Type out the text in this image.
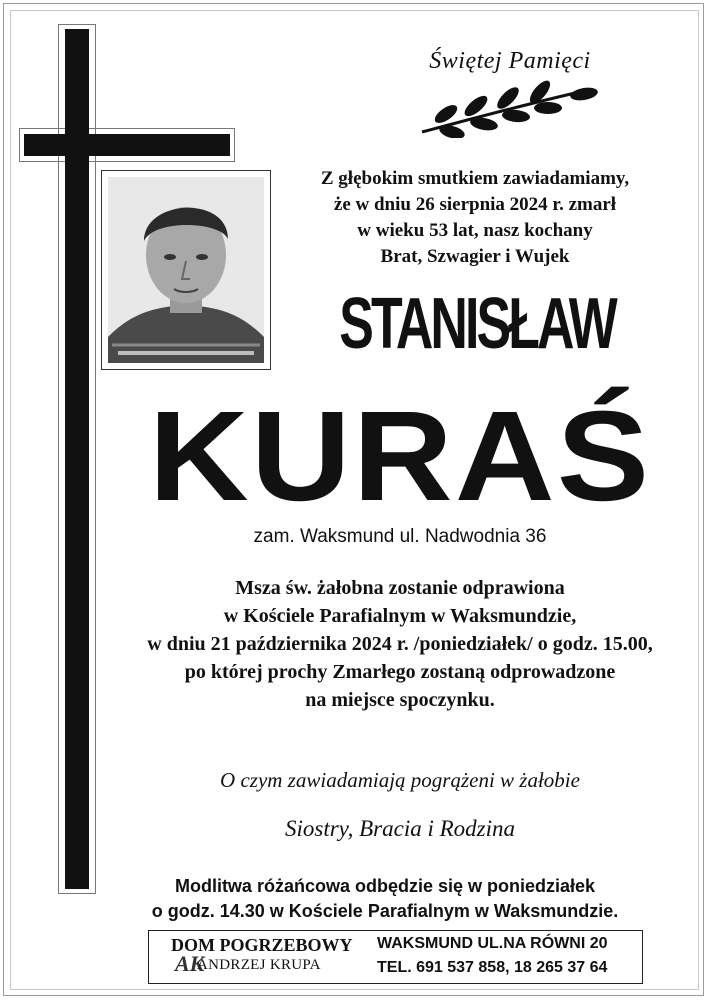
Świętej Pamięci
Z głębokim smutkiem zawiadamiamy,
że w dniu 26 sierpnia 2024 r. zmarł
w wieku 53 lat, nasz kochany
Brat, Szwagier i Wujek
STANISŁAW
KURAŚ
zam. Waksmund ul. Nadwodnia 36
Msza św. żałobna zostanie odprawiona
w Kościele Parafialnym w Waksmundzie,
w dniu 21 października 2024 r. /poniedziałek/ o godz. 15.00,
po której prochy Zmarłego zostaną odprowadzone
na miejsce spoczynku.
O czym zawiadamiają pogrążeni w żałobie
Siostry, Bracia i Rodzina
Modlitwa różańcowa odbędzie się w poniedziałek
o godz. 14.30 w Kościele Parafialnym w Waksmundzie.
DOM POGRZEBOWY
AK
ANDRZEJ KRUPA
WAKSMUND UL.NA RÓWNI 20
TEL. 691 537 858, 18 265 37 64
